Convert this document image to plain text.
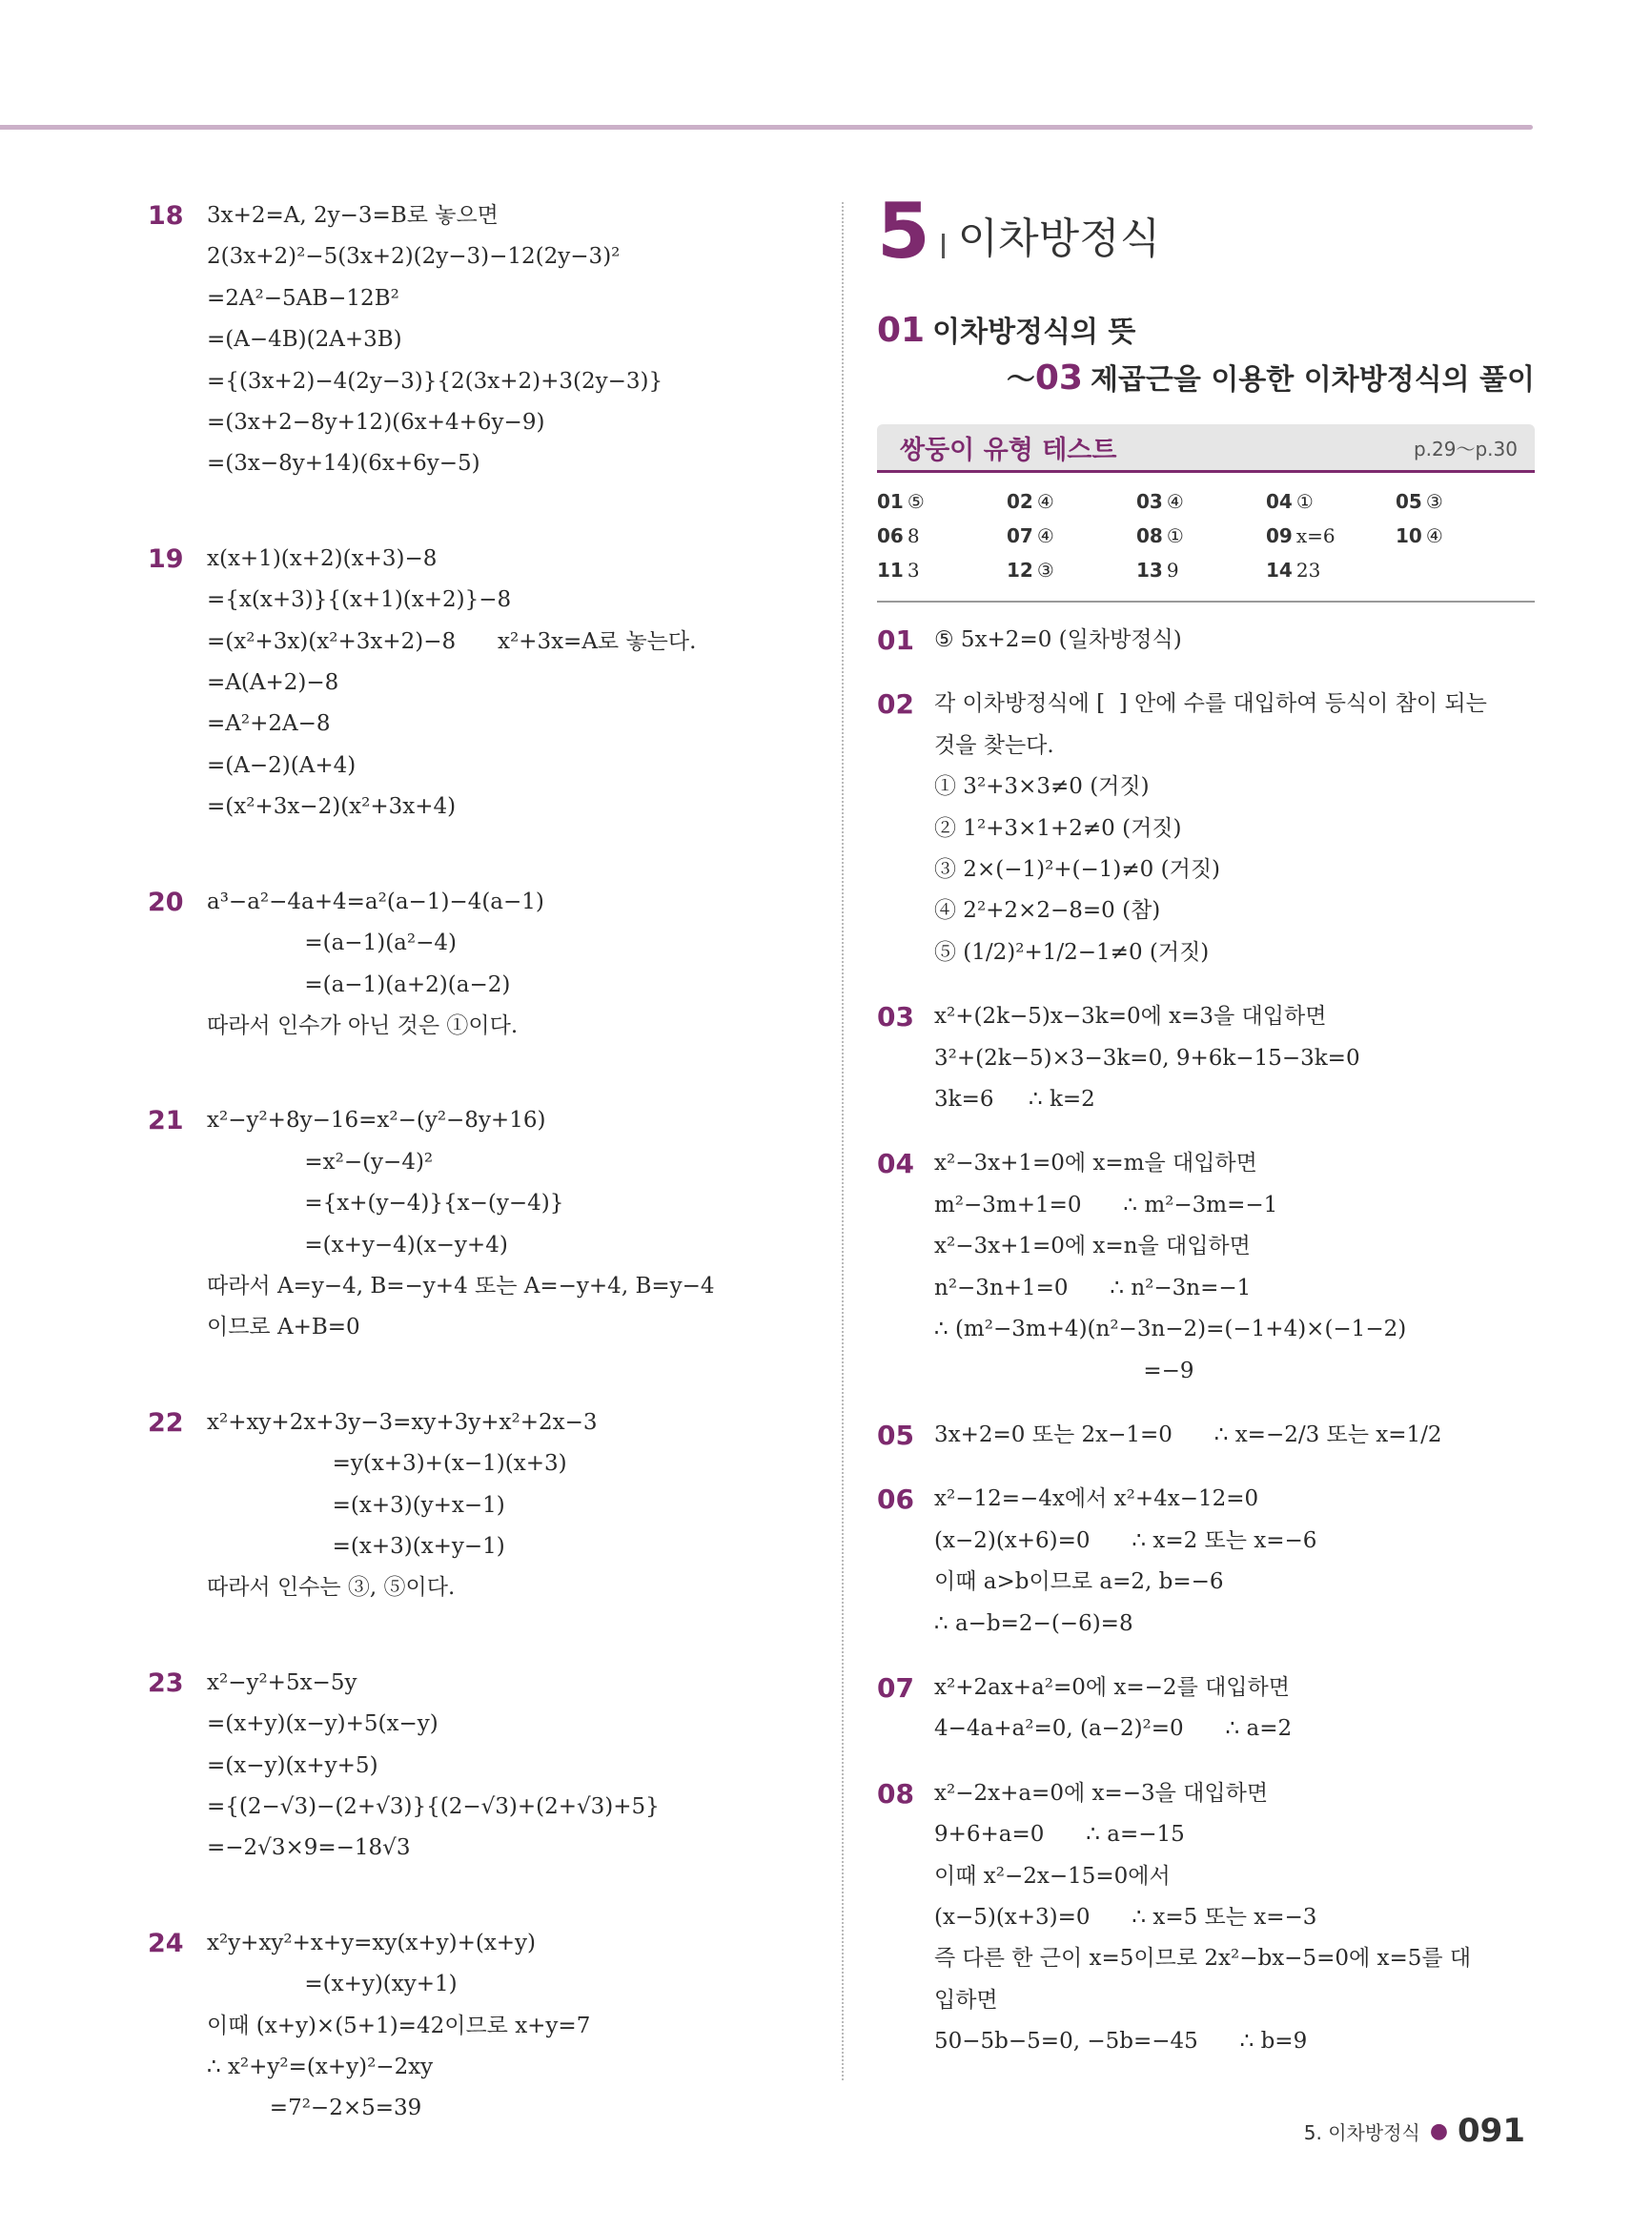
18 3x+2=A, 2y−3=B로 놓으면
2(3x+2)²−5(3x+2)(2y−3)−12(2y−3)²
=2A²−5AB−12B²
=(A−4B)(2A+3B)
={(3x+2)−4(2y−3)}{2(3x+2)+3(2y−3)}
=(3x+2−8y+12)(6x+4+6y−9)
=(3x−8y+14)(6x+6y−5)
19 x(x+1)(x+2)(x+3)−8
={x(x+3)}{(x+1)(x+2)}−8
=(x²+3x)(x²+3x+2)−8      x²+3x=A로 놓는다.
=A(A+2)−8
=A²+2A−8
=(A−2)(A+4)
=(x²+3x−2)(x²+3x+4)
20 a³−a²−4a+4=a²(a−1)−4(a−1)
=(a−1)(a²−4)
=(a−1)(a+2)(a−2)
따라서 인수가 아닌 것은 ①이다.
21 x²−y²+8y−16=x²−(y²−8y+16)
=x²−(y−4)²
={x+(y−4)}{x−(y−4)}
=(x+y−4)(x−y+4)
따라서 A=y−4, B=−y+4 또는 A=−y+4, B=y−4
이므로 A+B=0
22 x²+xy+2x+3y−3=xy+3y+x²+2x−3
=y(x+3)+(x−1)(x+3)
=(x+3)(y+x−1)
=(x+3)(x+y−1)
따라서 인수는 ③, ⑤이다.
23 x²−y²+5x−5y
=(x+y)(x−y)+5(x−y)
=(x−y)(x+y+5)
={(2−√3)−(2+√3)}{(2−√3)+(2+√3)+5}
=−2√3×9=−18√3
24 x²y+xy²+x+y=xy(x+y)+(x+y)
=(x+y)(xy+1)
이때 (x+y)×(5+1)=42이므로 x+y=7
∴ x²+y²=(x+y)²−2xy
=7²−2×5=39
5 이차방정식
01 이차방정식의 뜻
～03 제곱근을 이용한 이차방정식의 풀이
쌍둥이 유형 테스트	p.29～p.30
01 ⑤	02 ④	03 ④	04 ①	05 ③
06 8	07 ④	08 ①	09 x=6	10 ④
11 3	12 ③	13 9	14 23
01 ⑤ 5x+2=0 (일차방정식)
02 각 이차방정식에 [  ] 안에 수를 대입하여 등식이 참이 되는
것을 찾는다.
① 3²+3×3≠0 (거짓)
② 1²+3×1+2≠0 (거짓)
③ 2×(−1)²+(−1)≠0 (거짓)
④ 2²+2×2−8=0 (참)
⑤ (1/2)²+1/2−1≠0 (거짓)
03 x²+(2k−5)x−3k=0에 x=3을 대입하면
3²+(2k−5)×3−3k=0, 9+6k−15−3k=0
3k=6     ∴ k=2
04 x²−3x+1=0에 x=m을 대입하면
m²−3m+1=0      ∴ m²−3m=−1
x²−3x+1=0에 x=n을 대입하면
n²−3n+1=0      ∴ n²−3n=−1
∴ (m²−3m+4)(n²−3n−2)=(−1+4)×(−1−2)
=−9
05 3x+2=0 또는 2x−1=0      ∴ x=−2/3 또는 x=1/2
06 x²−12=−4x에서 x²+4x−12=0
(x−2)(x+6)=0      ∴ x=2 또는 x=−6
이때 a>b이므로 a=2, b=−6
∴ a−b=2−(−6)=8
07 x²+2ax+a²=0에 x=−2를 대입하면
4−4a+a²=0, (a−2)²=0      ∴ a=2
08 x²−2x+a=0에 x=−3을 대입하면
9+6+a=0      ∴ a=−15
이때 x²−2x−15=0에서
(x−5)(x+3)=0      ∴ x=5 또는 x=−3
즉 다른 한 근이 x=5이므로 2x²−bx−5=0에 x=5를 대
입하면
50−5b−5=0, −5b=−45      ∴ b=9
5. 이차방정식 ● 091
